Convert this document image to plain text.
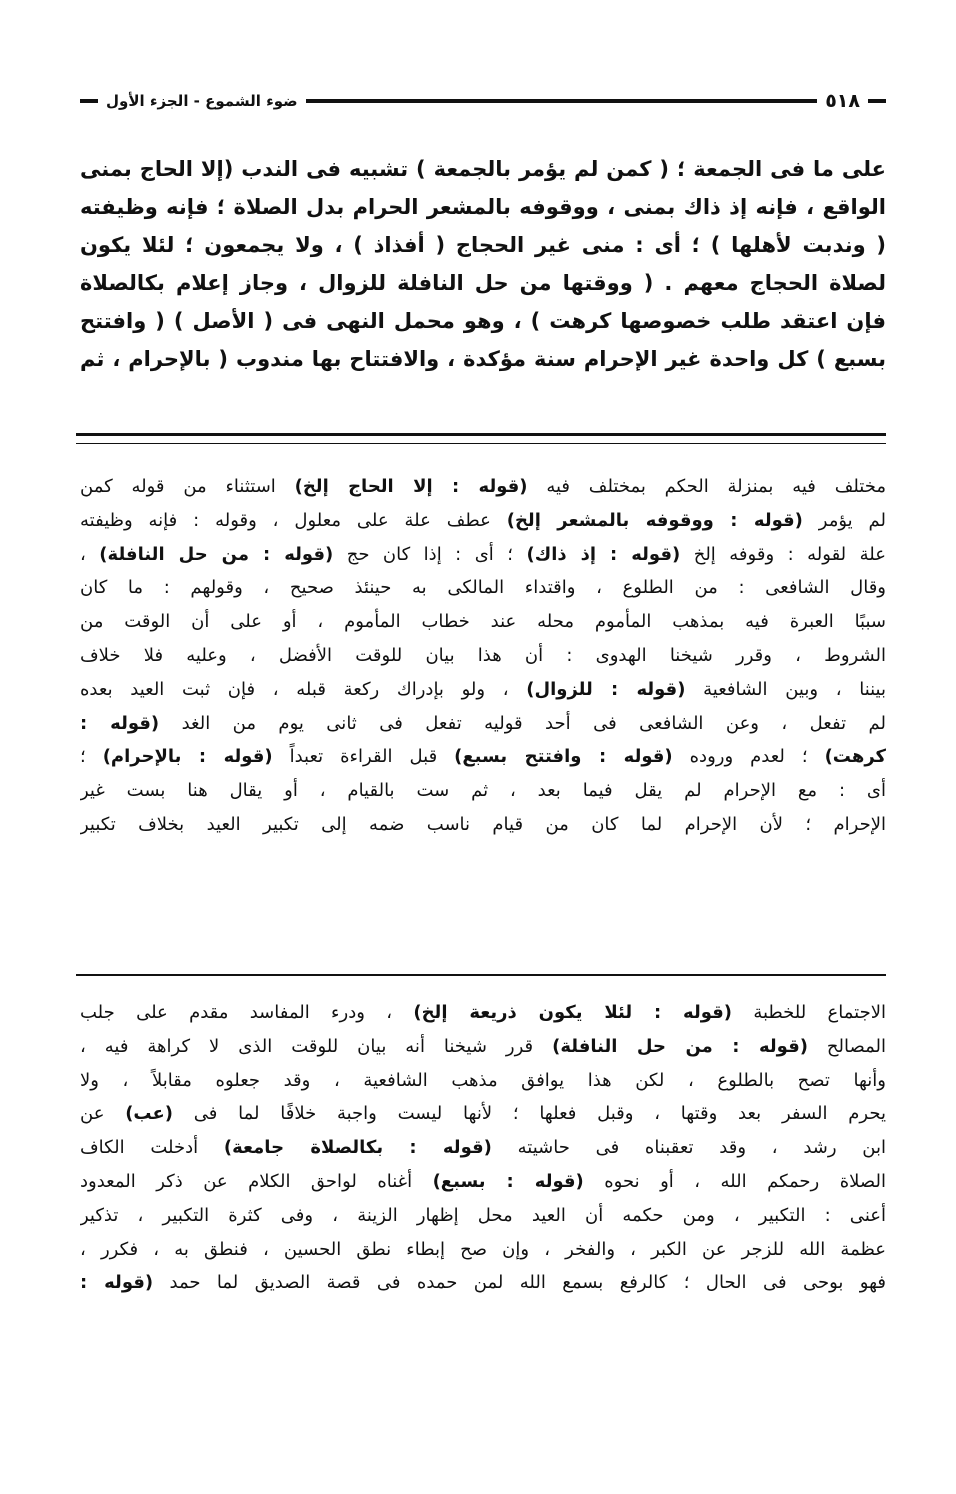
٥١٨
ضوء الشموع - الجزء الأول
على ما فى الجمعة ؛ ( كمن لم يؤمر بالجمعة ) تشبيه فى الندب (إلا الحاج بمنى
الواقع ، فإنه إذ ذاك بمنى ، ووقوفه بالمشعر الحرام بدل الصلاة ؛ فإنه وظيفته
( وندبت لأهلها ) ؛ أى : منى غير الحجاج ( أفذاذ ) ، ولا يجمعون ؛ لئلا يكون
لصلاة الحجاج معهم . ( ووقتها من حل النافلة للزوال ، وجاز إعلام بكالصلاة
فإن اعتقد طلب خصوصها كرهت ) ، وهو محمل النهى فى ( الأصل ) ( وافتتح
بسبع ) كل واحدة غير الإحرام سنة مؤكدة ، والافتتاح بها مندوب ( بالإحرام ، ثم
مختلف فيه بمنزلة الحكم بمختلف فيه (قوله : إلا الحاج إلخ) استثناء من قوله كمن
لم يؤمر (قوله : ووقوفه بالمشعر إلخ) عطف علة على معلول ، وقوله : فإنه وظيفته
علة لقوله : وقوفه إلخ (قوله : إذ ذاك) ؛ أى : إذا كان حج (قوله : من حل النافلة) ،
وقال الشافعى : من الطلوع ، واقتداء المالكى به حينئذ صحيح ، وقولهم : ما كان
سببًا العبرة فيه بمذهب المأموم محله عند خطاب المأموم ، أو على أن الوقت من
الشروط ، وقرر شيخنا الهدوى : أن هذا بيان للوقت الأفضل ، وعليه فلا خلاف
بيننا ، وبين الشافعية (قوله : للزوال) ، ولو بإدراك ركعة قبله ، فإن ثبت العيد بعده
لم تفعل ، وعن الشافعى فى أحد قوليه تفعل فى ثانى يوم من الغد (قوله :
كرهت) ؛ لعدم وروده (قوله : وافتتح بسبع) قبل القراءة تعبداً (قوله : بالإحرام) ؛
أى : مع الإحرام لم يقل فيما بعد ، ثم ست بالقيام ، أو يقال هنا بست غير
الإحرام ؛ لأن الإحرام لما كان من قيام ناسب ضمه إلى تكبير العيد بخلاف تكبير
الاجتماع للخطبة (قوله : لئلا يكون ذريعة إلخ) ، ودرء المفاسد مقدم على جلب
المصالح (قوله : من حل النافلة) قرر شيخنا أنه بيان للوقت الذى لا كراهة فيه ،
وأنها تصح بالطلوع ، لكن هذا يوافق مذهب الشافعية ، وقد جعلوه مقابلاً ، ولا
يحرم السفر بعد وقتها ، وقبل فعلها ؛ لأنها ليست واجبة خلافًا لما فى (عب) عن
ابن رشد ، وقد تعقبناه فى حاشيته (قوله : بكالصلاة جامعة) أدخلت الكاف
الصلاة رحمكم الله ، أو نحوه (قوله : بسبع) أغناه لواحق الكلام عن ذكر المعدود
أعنى : التكبير ، ومن حكمه أن العيد محل إظهار الزينة ، وفى كثرة التكبير ، تذكير
عظمة الله للزجر عن الكبر ، والفخر ، وإن صح إبطاء نطق الحسين ، فنطق به ، فكرر ،
فهو بوحى فى الحال ؛ كالرفع بسمع الله لمن حمده فى قصة الصديق لما حمد (قوله :
